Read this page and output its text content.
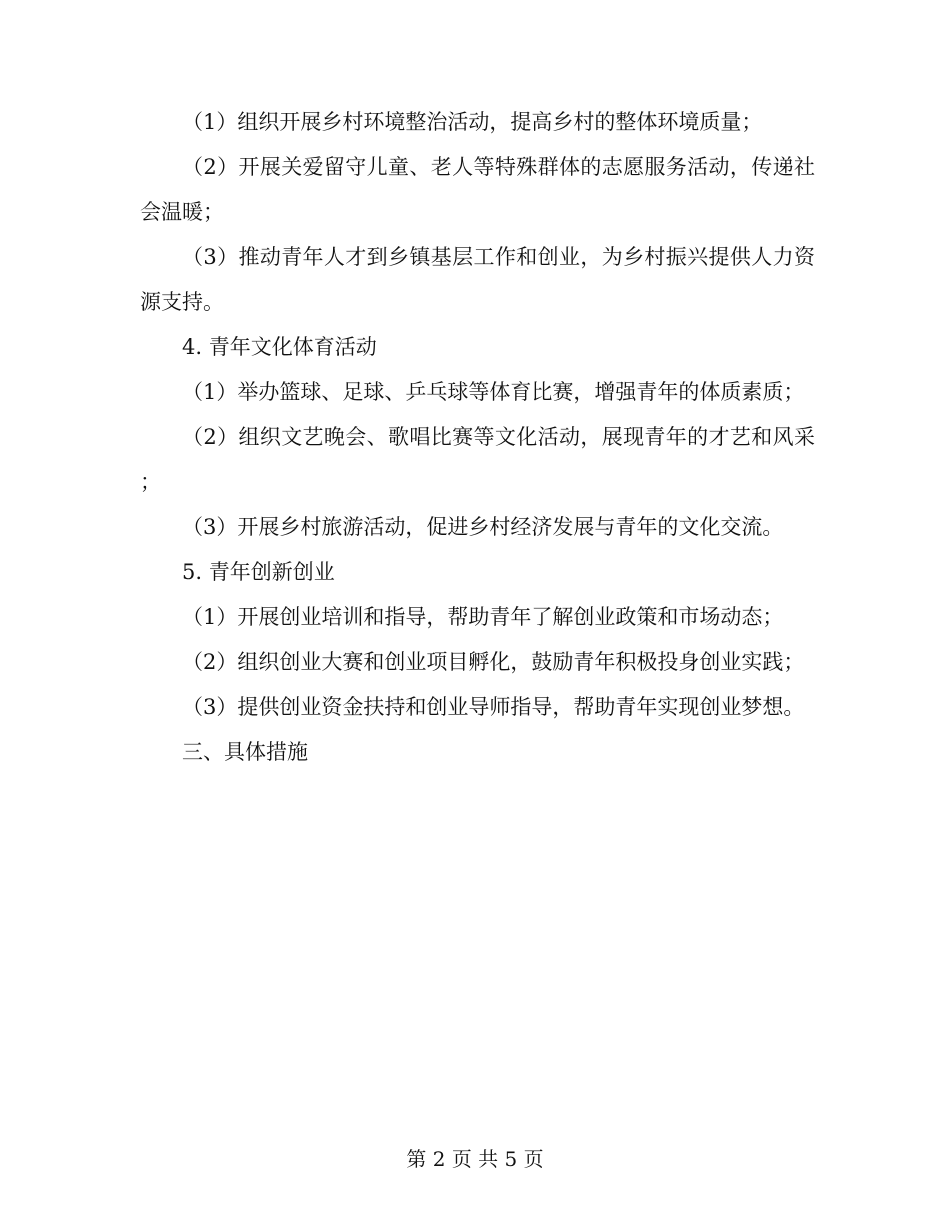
（1）组织开展乡村环境整治活动，提高乡村的整体环境质量；

（2）开展关爱留守儿童、老人等特殊群体的志愿服务活动，传递社会温暖；

（3）推动青年人才到乡镇基层工作和创业，为乡村振兴提供人力资源支持。

4. 青年文化体育活动

（1）举办篮球、足球、乒乓球等体育比赛，增强青年的体质素质；

（2）组织文艺晚会、歌唱比赛等文化活动，展现青年的才艺和风采；

（3）开展乡村旅游活动，促进乡村经济发展与青年的文化交流。

5. 青年创新创业

（1）开展创业培训和指导，帮助青年了解创业政策和市场动态；

（2）组织创业大赛和创业项目孵化，鼓励青年积极投身创业实践；

（3）提供创业资金扶持和创业导师指导，帮助青年实现创业梦想。

三、具体措施

第 2 页 共 5 页
